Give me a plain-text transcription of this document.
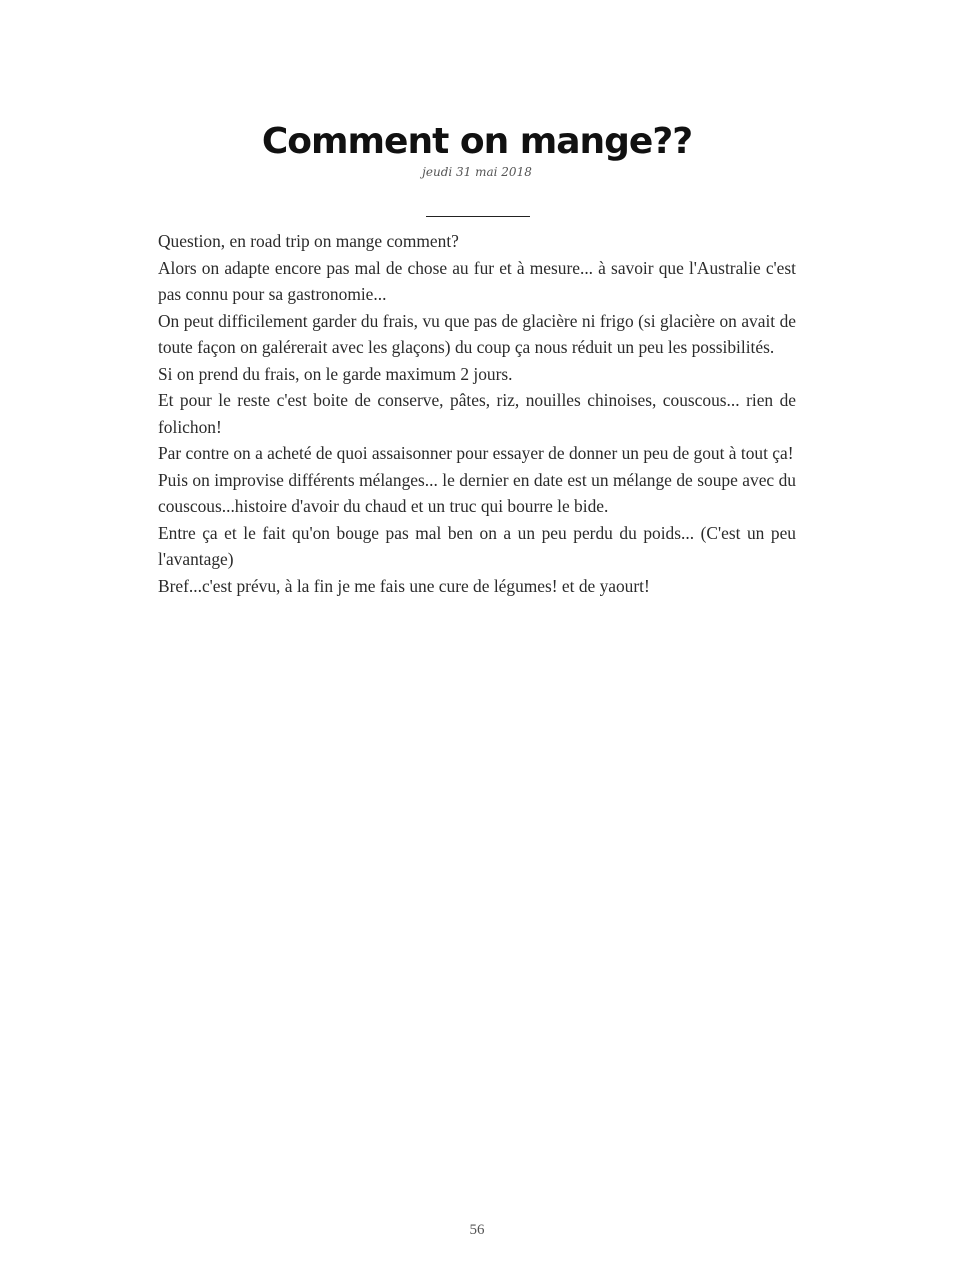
Comment on mange??
jeudi 31 mai 2018

Question, en road trip on mange comment?

Alors on adapte encore pas mal de chose au fur et à mesure... à savoir que l'Australie c'est pas connu pour sa gastronomie...

On peut difficilement garder du frais, vu que pas de glacière ni frigo (si glacière on avait de toute façon on galérerait avec les glaçons) du coup ça nous réduit un peu les possibilités.

Si on prend du frais, on le garde maximum 2 jours.

Et pour le reste c'est boite de conserve, pâtes, riz, nouilles chinoises, couscous... rien de folichon!

Par contre on a acheté de quoi assaisonner pour essayer de donner un peu de gout à tout ça!

Puis on improvise différents mélanges... le dernier en date est un mélange de soupe avec du couscous...histoire d'avoir du chaud et un truc qui bourre le bide.

Entre ça et le fait qu'on bouge pas mal ben on a un peu perdu du poids... (C'est un peu l'avantage)

Bref...c'est prévu, à la fin je me fais une cure de légumes! et de yaourt!

56
